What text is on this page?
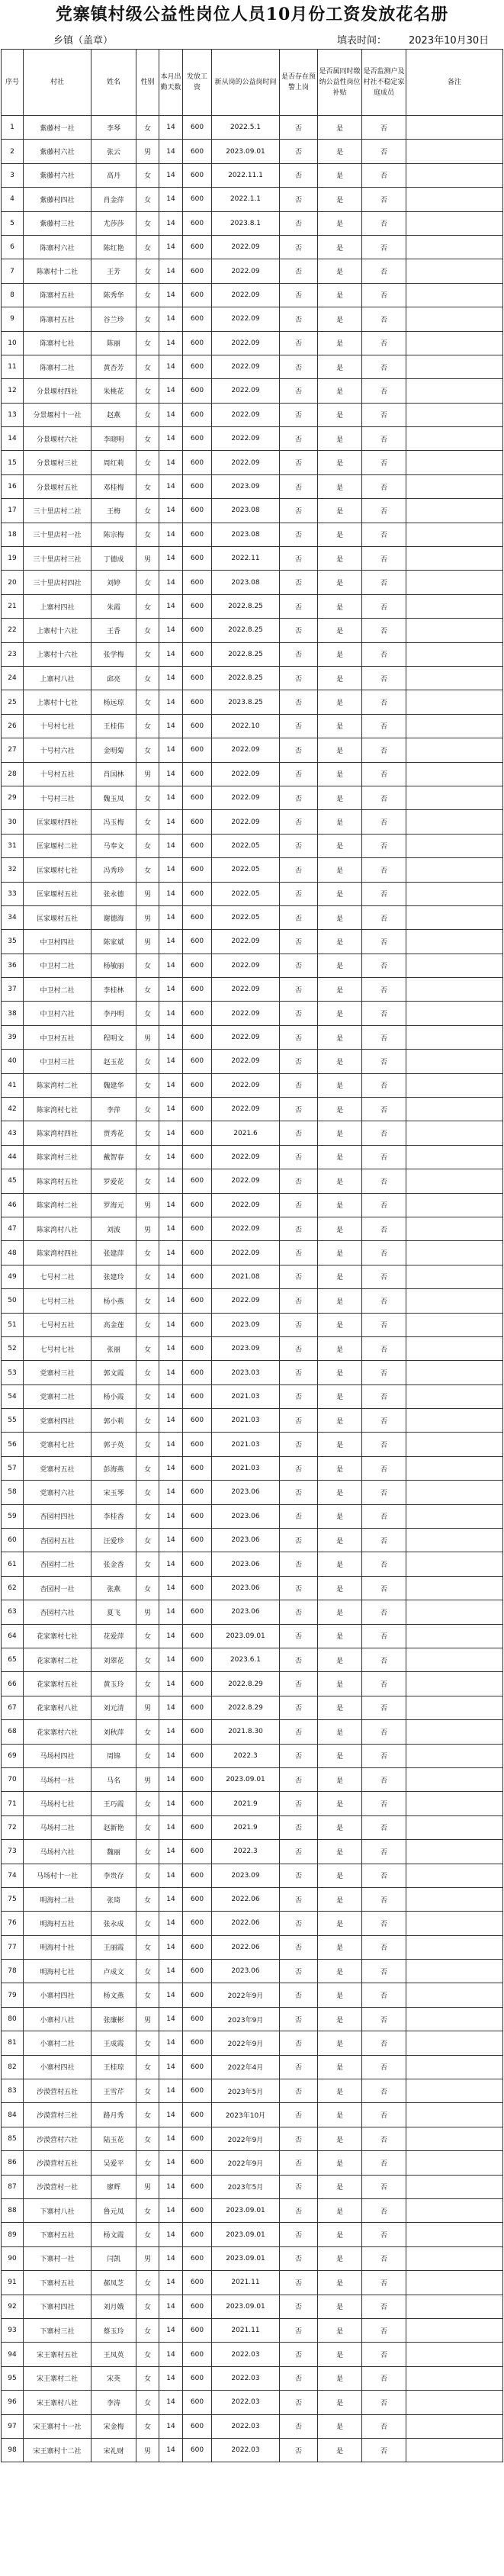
党寨镇村级公益性岗位人员10月份工资发放花名册
乡镇（盖章）	填表时间： 2023年10月30日
序号	村社	姓名	性别	本月出勤天数	发放工资	新从岗的公益岗时间	是否存在预警上岗	是否属同时缴纳公益性岗位补贴	是否监测户及村社不稳定家庭成员	备注
1	紫藤村一社	李琴	女	14	600	2022.5.1	否	是	否	
2	紫藤村六社	张云	男	14	600	2023.09.01	否	是	否	
3	紫藤村六社	高丹	女	14	600	2022.11.1	否	是	否	
4	紫藤村四社	肖金萍	女	14	600	2022.1.1	否	是	否	
5	紫藤村三社	尤莎莎	女	14	600	2023.8.1	否	是	否	
6	陈寨村六社	陈红艳	女	14	600	2022.09	否	是	否	
7	陈寨村十二社	王芳	女	14	600	2022.09	否	是	否	
8	陈寨村五社	陈秀华	女	14	600	2022.09	否	是	否	
9	陈寨村五社	谷兰珍	女	14	600	2022.09	否	是	否	
10	陈寨村七社	陈丽	女	14	600	2022.09	否	是	否	
11	陈寨村二社	黄杏芳	女	14	600	2022.09	否	是	否	
12	分景堰村四社	朱桃花	女	14	600	2022.09	否	是	否	
13	分景堰村十一社	赵燕	女	14	600	2022.09	否	是	否	
14	分景堰村六社	李晓明	女	14	600	2022.09	否	是	否	
15	分景堰村三社	周红莉	女	14	600	2022.09	否	是	否	
16	分景堰村五社	邓桂梅	女	14	600	2023.09	否	是	否	
17	三十里店村二社	王梅	女	14	600	2023.08	否	是	否	
18	三十里店村一社	陈宗梅	女	14	600	2023.08	否	是	否	
19	三十里店村三社	丁德成	男	14	600	2022.11	否	是	否	
20	三十里店村四社	刘婷	女	14	600	2023.08	否	是	否	
21	上寨村四社	朱霞	女	14	600	2022.8.25	否	是	否	
22	上寨村十六社	王香	女	14	600	2022.8.25	否	是	否	
23	上寨村十六社	张学梅	女	14	600	2022.8.25	否	是	否	
24	上寨村八社	邱亮	女	14	600	2022.8.25	否	是	否	
25	上寨村十七社	杨远琼	女	14	600	2023.8.25	否	是	否	
26	十号村七社	王桂伟	女	14	600	2022.10	否	是	否	
27	十号村六社	金明菊	女	14	600	2022.09	否	是	否	
28	十号村五社	肖国林	男	14	600	2022.09	否	是	否	
29	十号村三社	魏玉凤	女	14	600	2022.09	否	是	否	
30	匡家堰村四社	冯玉梅	女	14	600	2022.09	否	是	否	
31	匡家堰村二社	马奉文	女	14	600	2022.05	否	是	否	
32	匡家堰村七社	冯秀珍	女	14	600	2022.05	否	是	否	
33	匡家堰村五社	张永德	男	14	600	2022.05	否	是	否	
34	匡家堰村五社	谢德海	男	14	600	2022.05	否	是	否	
35	中卫村四社	陈家斌	男	14	600	2022.09	否	是	否	
36	中卫村二社	杨敏丽	女	14	600	2022.09	否	是	否	
37	中卫村二社	李桂林	女	14	600	2022.09	否	是	否	
38	中卫村六社	李丹明	女	14	600	2022.09	否	是	否	
39	中卫村五社	程明文	男	14	600	2022.09	否	是	否	
40	中卫村三社	赵玉花	女	14	600	2022.09	否	是	否	
41	陈家湾村二社	魏建华	女	14	600	2022.09	否	是	否	
42	陈家湾村七社	李萍	女	14	600	2022.09	否	是	否	
43	陈家湾村四社	贾秀花	女	14	600	2021.6	否	是	否	
44	陈家湾村三社	戴智春	女	14	600	2022.09	否	是	否	
45	陈家湾村五社	罗爱花	女	14	600	2022.09	否	是	否	
46	陈家湾村二社	罗海元	男	14	600	2022.09	否	是	否	
47	陈家湾村八社	刘波	男	14	600	2022.09	否	是	否	
48	陈家湾村四社	张建萍	女	14	600	2022.09	否	是	否	
49	七号村二社	张建玲	女	14	600	2021.08	否	是	否	
50	七号村三社	杨小燕	女	14	600	2022.09	否	是	否	
51	七号村五社	高金莲	女	14	600	2023.09	否	是	否	
52	七号村七社	张丽	女	14	600	2023.09	否	是	否	
53	党寨村三社	郭文霞	女	14	600	2023.03	否	是	否	
54	党寨村二社	杨小霞	女	14	600	2021.03	否	是	否	
55	党寨村四社	郭小莉	女	14	600	2021.03	否	是	否	
56	党寨村七社	郭子英	女	14	600	2021.03	否	是	否	
57	党寨村五社	彭海燕	女	14	600	2021.03	否	是	否	
58	党寨村六社	宋玉琴	女	14	600	2023.06	否	是	否	
59	杏园村四社	李桂香	女	14	600	2023.06	否	是	否	
60	杏园村五社	汪爱珍	女	14	600	2023.06	否	是	否	
61	杏园村二社	张金香	女	14	600	2023.06	否	是	否	
62	杏园村一社	张燕	女	14	600	2023.06	否	是	否	
63	杏园村六社	夏飞	男	14	600	2023.06	否	是	否	
64	花家寨村七社	花爱萍	女	14	600	2023.09.01	否	是	否	
65	花家寨村二社	刘翠花	女	14	600	2023.6.1	否	是	否	
66	花家寨村五社	黄玉玲	女	14	600	2022.8.29	否	是	否	
67	花家寨村八社	刘元清	男	14	600	2022.8.29	否	是	否	
68	花家寨村六社	刘秋萍	女	14	600	2021.8.30	否	是	否	
69	马场村四社	周锦	女	14	600	2022.3	否	是	否	
70	马场村一社	马名	男	14	600	2023.09.01	否	是	否	
71	马场村七社	王巧霞	女	14	600	2021.9	否	是	否	
72	马场村二社	赵新艳	女	14	600	2021.9	否	是	否	
73	马场村六社	魏丽	女	14	600	2022.3	否	是	否	
74	马场村十一社	李贵存	女	14	600	2023.09	否	是	否	
75	明海村二社	张琦	女	14	600	2022.06	否	是	否	
76	明海村五社	张永成	女	14	600	2022.06	否	是	否	
77	明海村十社	王丽霞	女	14	600	2022.06	否	是	否	
78	明海村七社	卢成文	女	14	600	2023.06	否	是	否	
79	小寨村四社	杨文燕	女	14	600	2022年9月	否	是	否	
80	小寨村八社	张廉彬	男	14	600	2023年9月	否	是	否	
81	小寨村二社	王成霞	女	14	600	2022年9月	否	是	否	
82	小寨村四社	王桂琼	女	14	600	2022年4月	否	是	否	
83	沙漠营村五社	王雪芹	女	14	600	2023年5月	否	是	否	
84	沙漠营村三社	路月秀	女	14	600	2023年10月	否	是	否	
85	沙漠营村六社	陆玉花	女	14	600	2022年9月	否	是	否	
86	沙漠营村五社	吴爱平	女	14	600	2022年9月	否	是	否	
87	沙漠营村一社	廖辉	男	14	600	2023年5月	否	是	否	
88	下寨村八社	鲁元凤	女	14	600	2023.09.01	否	是	否	
89	下寨村五社	杨文霞	女	14	600	2023.09.01	否	是	否	
90	下寨村一社	闫凯	男	14	600	2023.09.01	否	是	否	
91	下寨村五社	郝凤芝	女	14	600	2021.11	否	是	否	
92	下寨村四社	刘月娥	女	14	600	2023.09.01	否	是	否	
93	下寨村三社	蔡玉玲	女	14	600	2021.11	否	是	否	
94	宋王寨村五社	王凤英	女	14	600	2022.03	否	是	否	
95	宋王寨村二社	宋英	女	14	600	2022.03	否	是	否	
96	宋王寨村八社	李涛	女	14	600	2022.03	否	是	否	
97	宋王寨村十一社	宋金梅	女	14	600	2022.03	否	是	否	
98	宋王寨村十二社	宋礼财	男	14	600	2022.03	否	是	否	
